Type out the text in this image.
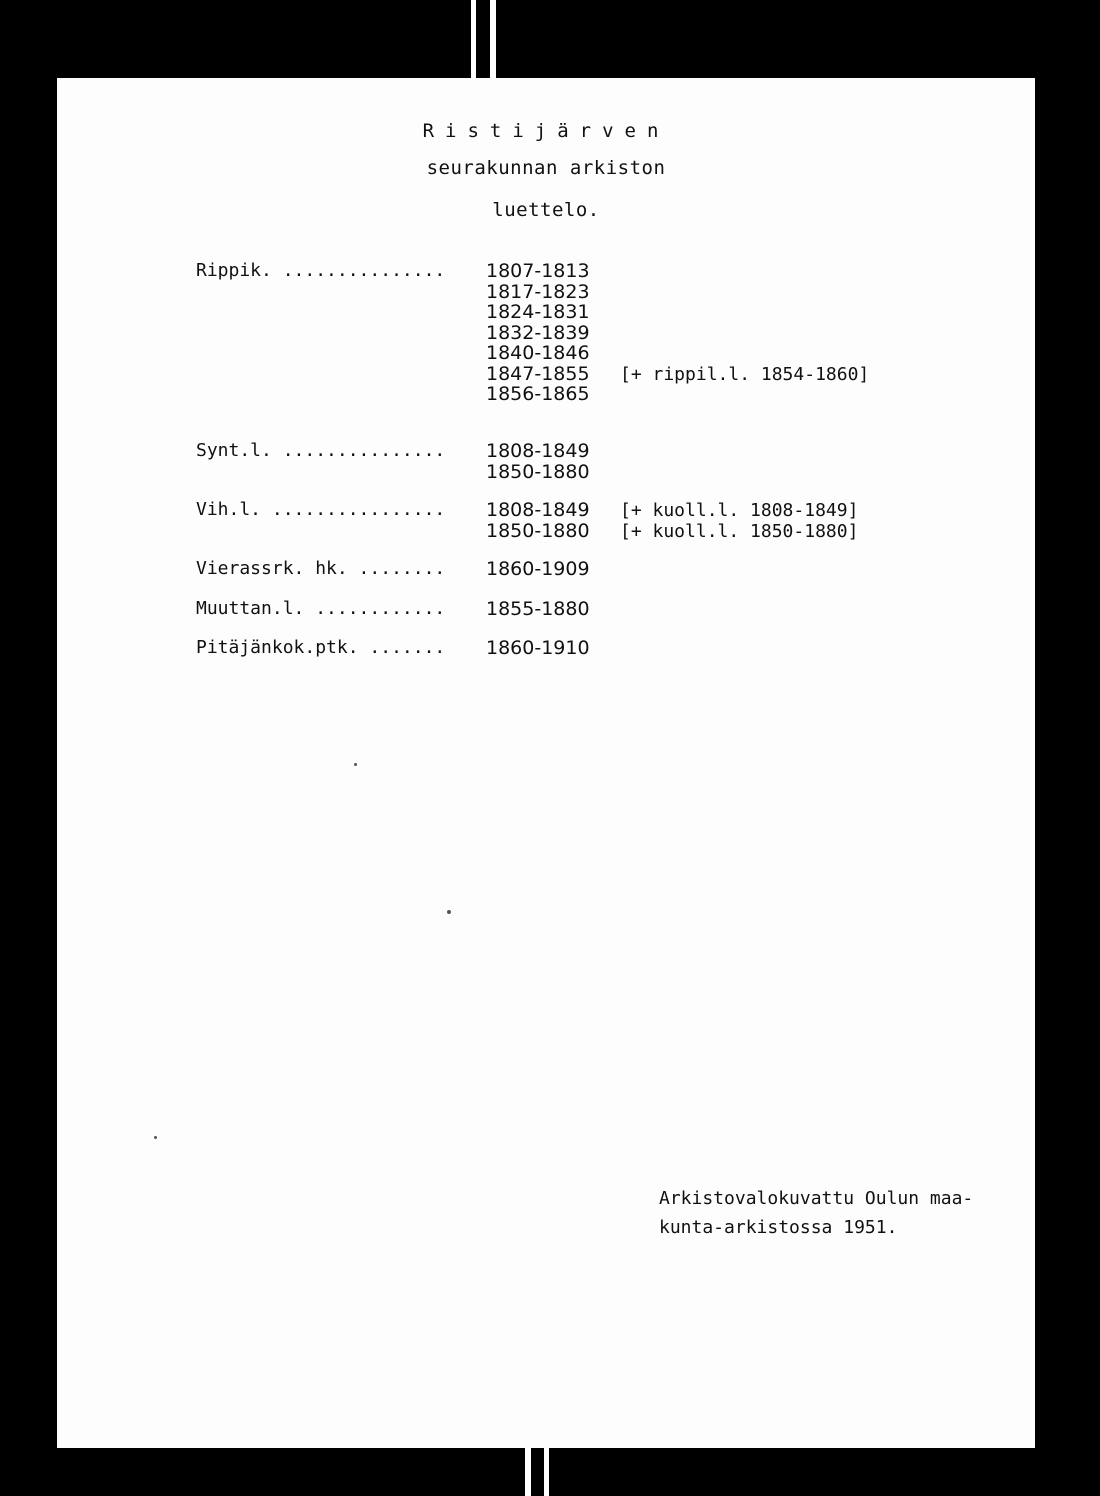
Ristijärven
seurakunnan arkiston
luettelo.
Rippik. ...............
[+ rippil.l. 1854-1860]
1807-1813
1817-1823
1824-1831
1832-1839
1840-1846
1847-1855
1856-1865
Synt.l. ............... 1808-1849
1850-1880
Vih.l. ................	[+ kuoll.l. 1808-1849]
[+ kuoll.l. 1850-1880]
1808-1849
1850-1880
Vierassrk. hk. ........ 1860-1909
Muuttan.l. ............ 1855-1880
Pitäjänkok.ptk. ....... 1860-1910
Arkistovalokuvattu Oulun maa-
kunta-arkistossa 1951.
